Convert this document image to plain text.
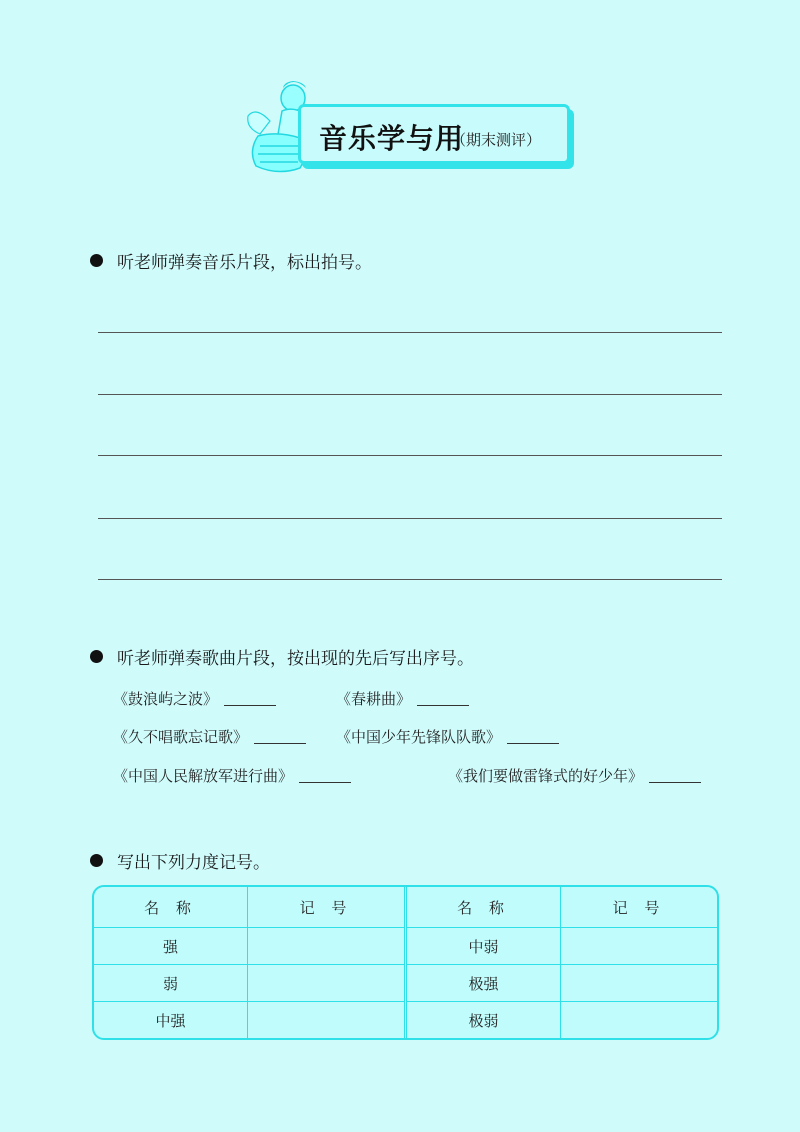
音乐学与用
（期末测评）
听老师弹奏音乐片段，标出拍号。
听老师弹奏歌曲片段，按出现的先后写出序号。
《鼓浪屿之波》	《春耕曲》
《久不唱歌忘记歌》	《中国少年先锋队队歌》
《中国人民解放军进行曲》	《我们要做雷锋式的好少年》
写出下列力度记号。
名 称	记 号	名 称	记 号
强		中弱	
弱		极强	
中强		极弱	
